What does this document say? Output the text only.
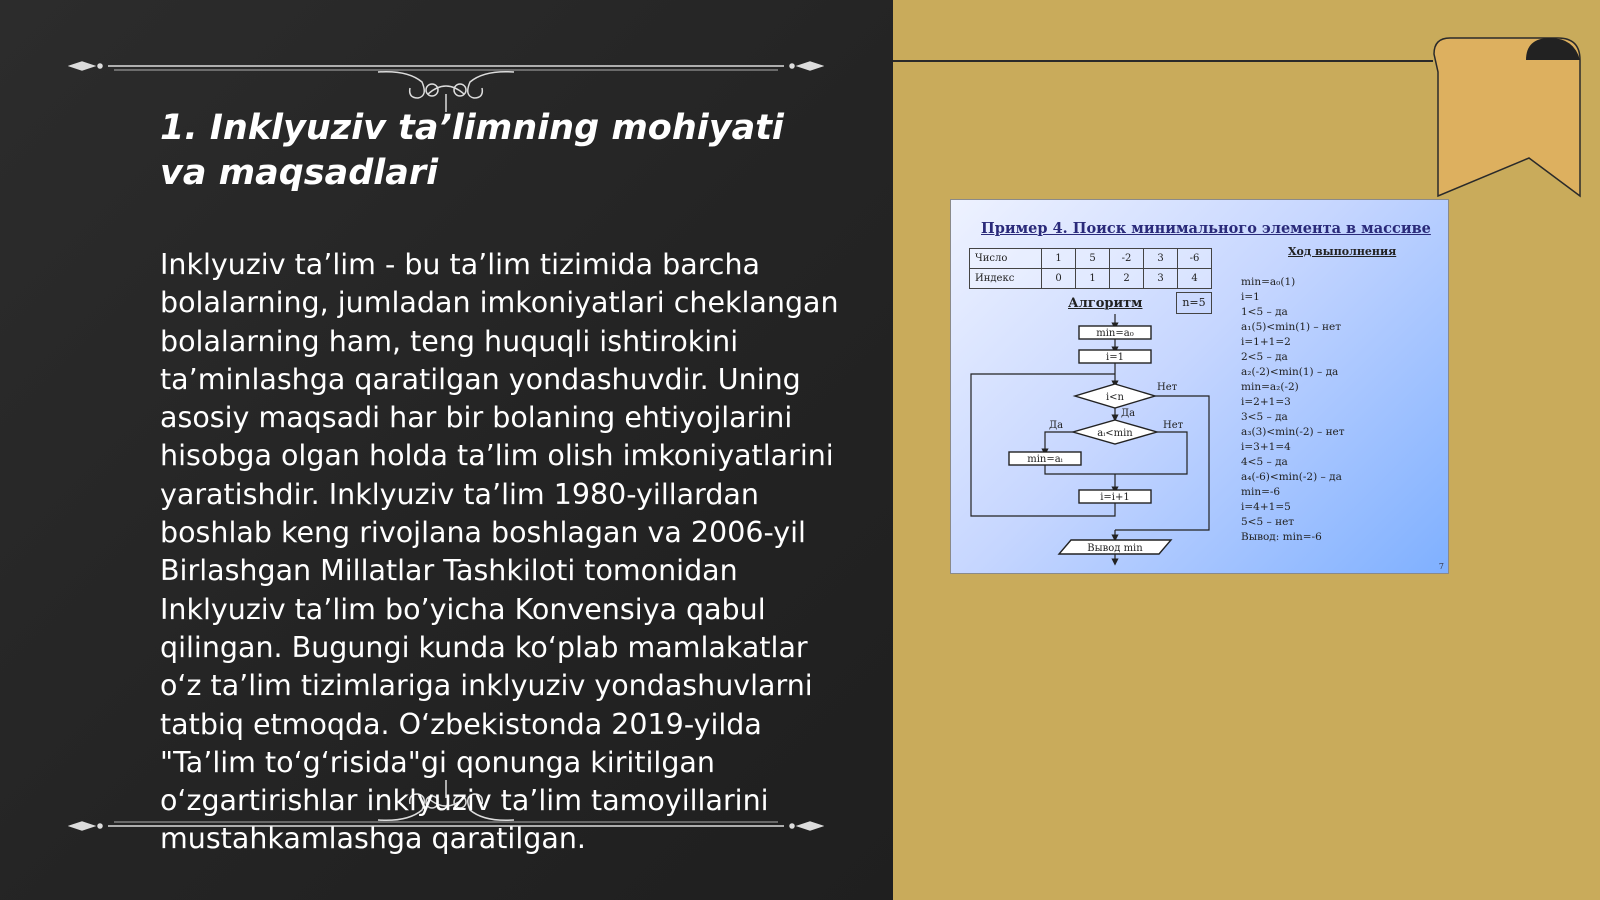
1. Inklyuziv ta’limning mohiyati va maqsadlari

Inklyuziv ta’lim - bu ta’lim tizimida barcha bolalarning, jumladan imkoniyatlari cheklangan bolalarning ham, teng huquqli ishtirokini ta’minlashga qaratilgan yondashuvdir. Uning asosiy maqsadi har bir bolaning ehtiyojlarini hisobga olgan holda ta’lim olish imkoniyatlarini yaratishdir. Inklyuziv ta’lim 1980-yillardan boshlab keng rivojlana boshlagan va 2006-yil Birlashgan Millatlar Tashkiloti tomonidan Inklyuziv ta’lim bo’yicha Konvensiya qabul qilingan. Bugungi kunda ko‘plab mamlakatlar o‘z ta’lim tizimlariga inklyuziv yondashuvlarni tatbiq etmoqda. O‘zbekistonda 2019-yilda "Ta’lim to‘g‘risida"gi qonunga kiritilgan o‘zgartirishlar inklyuziv ta’lim tamoyillarini mustahkamlashga qaratilgan.

Пример 4. Поиск минимального элемента в массиве
Число	1	5	-2	3	-6
Индекс	0	1	2	3	4
Алгоритм	n=5
min=a₀
i=1
i<n
aᵢ<min
min=aᵢ
i=i+1
Вывод min
Да
Да
Нет
Нет
Ход выполнения
min=a₀(1)
i=1
1<5 – да
a₁(5)<min(1) – нет
i=1+1=2
2<5 – да
a₂(-2)<min(1) – да
min=a₂(-2)
i=2+1=3
3<5 – да
a₃(3)<min(-2) – нет
i=3+1=4
4<5 – да
a₄(-6)<min(-2) – да
min=-6
i=4+1=5
5<5 – нет
Вывод: min=-6
7
